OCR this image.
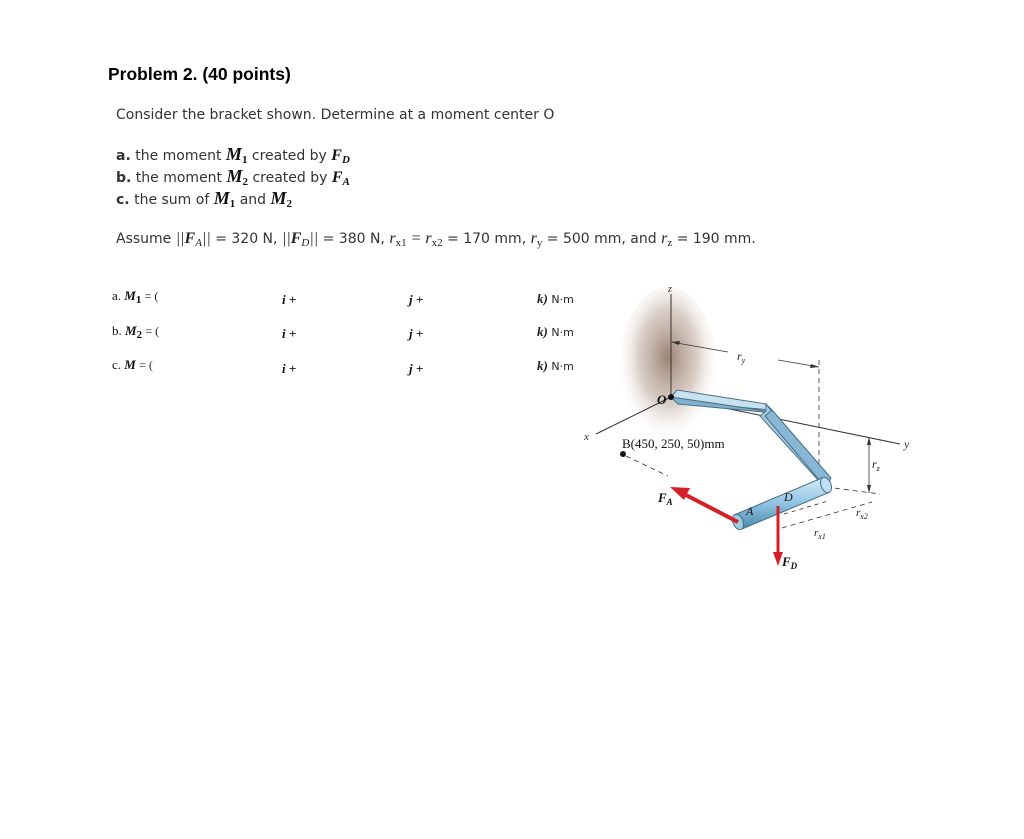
Problem 2. (40 points)
Consider the bracket shown. Determine at a moment center O
a. the moment $M_1$ created by FD
b. the moment $M_2$ created by FA
c. the sum of $M_1$ and $M_2$
Assume ||FA|| = 320 N, ||FD|| = 380 N, $r_{x1} = r_{x2} = 170$ mm, $r_y = 500$ mm, and $r_z = 190$ mm.
a. $M_1$ = (	i +	j +	k) N·m
b. $M_2$ = (	i +	j +	k) N·m
c. M = (	i +	j +	k) N·m
z
y
x
$r_y$
$r_z$
$r_{x1}$
$r_{x2}$
O
B(450, 250, 50)mm
$F_A$
$F_D$
A
D
